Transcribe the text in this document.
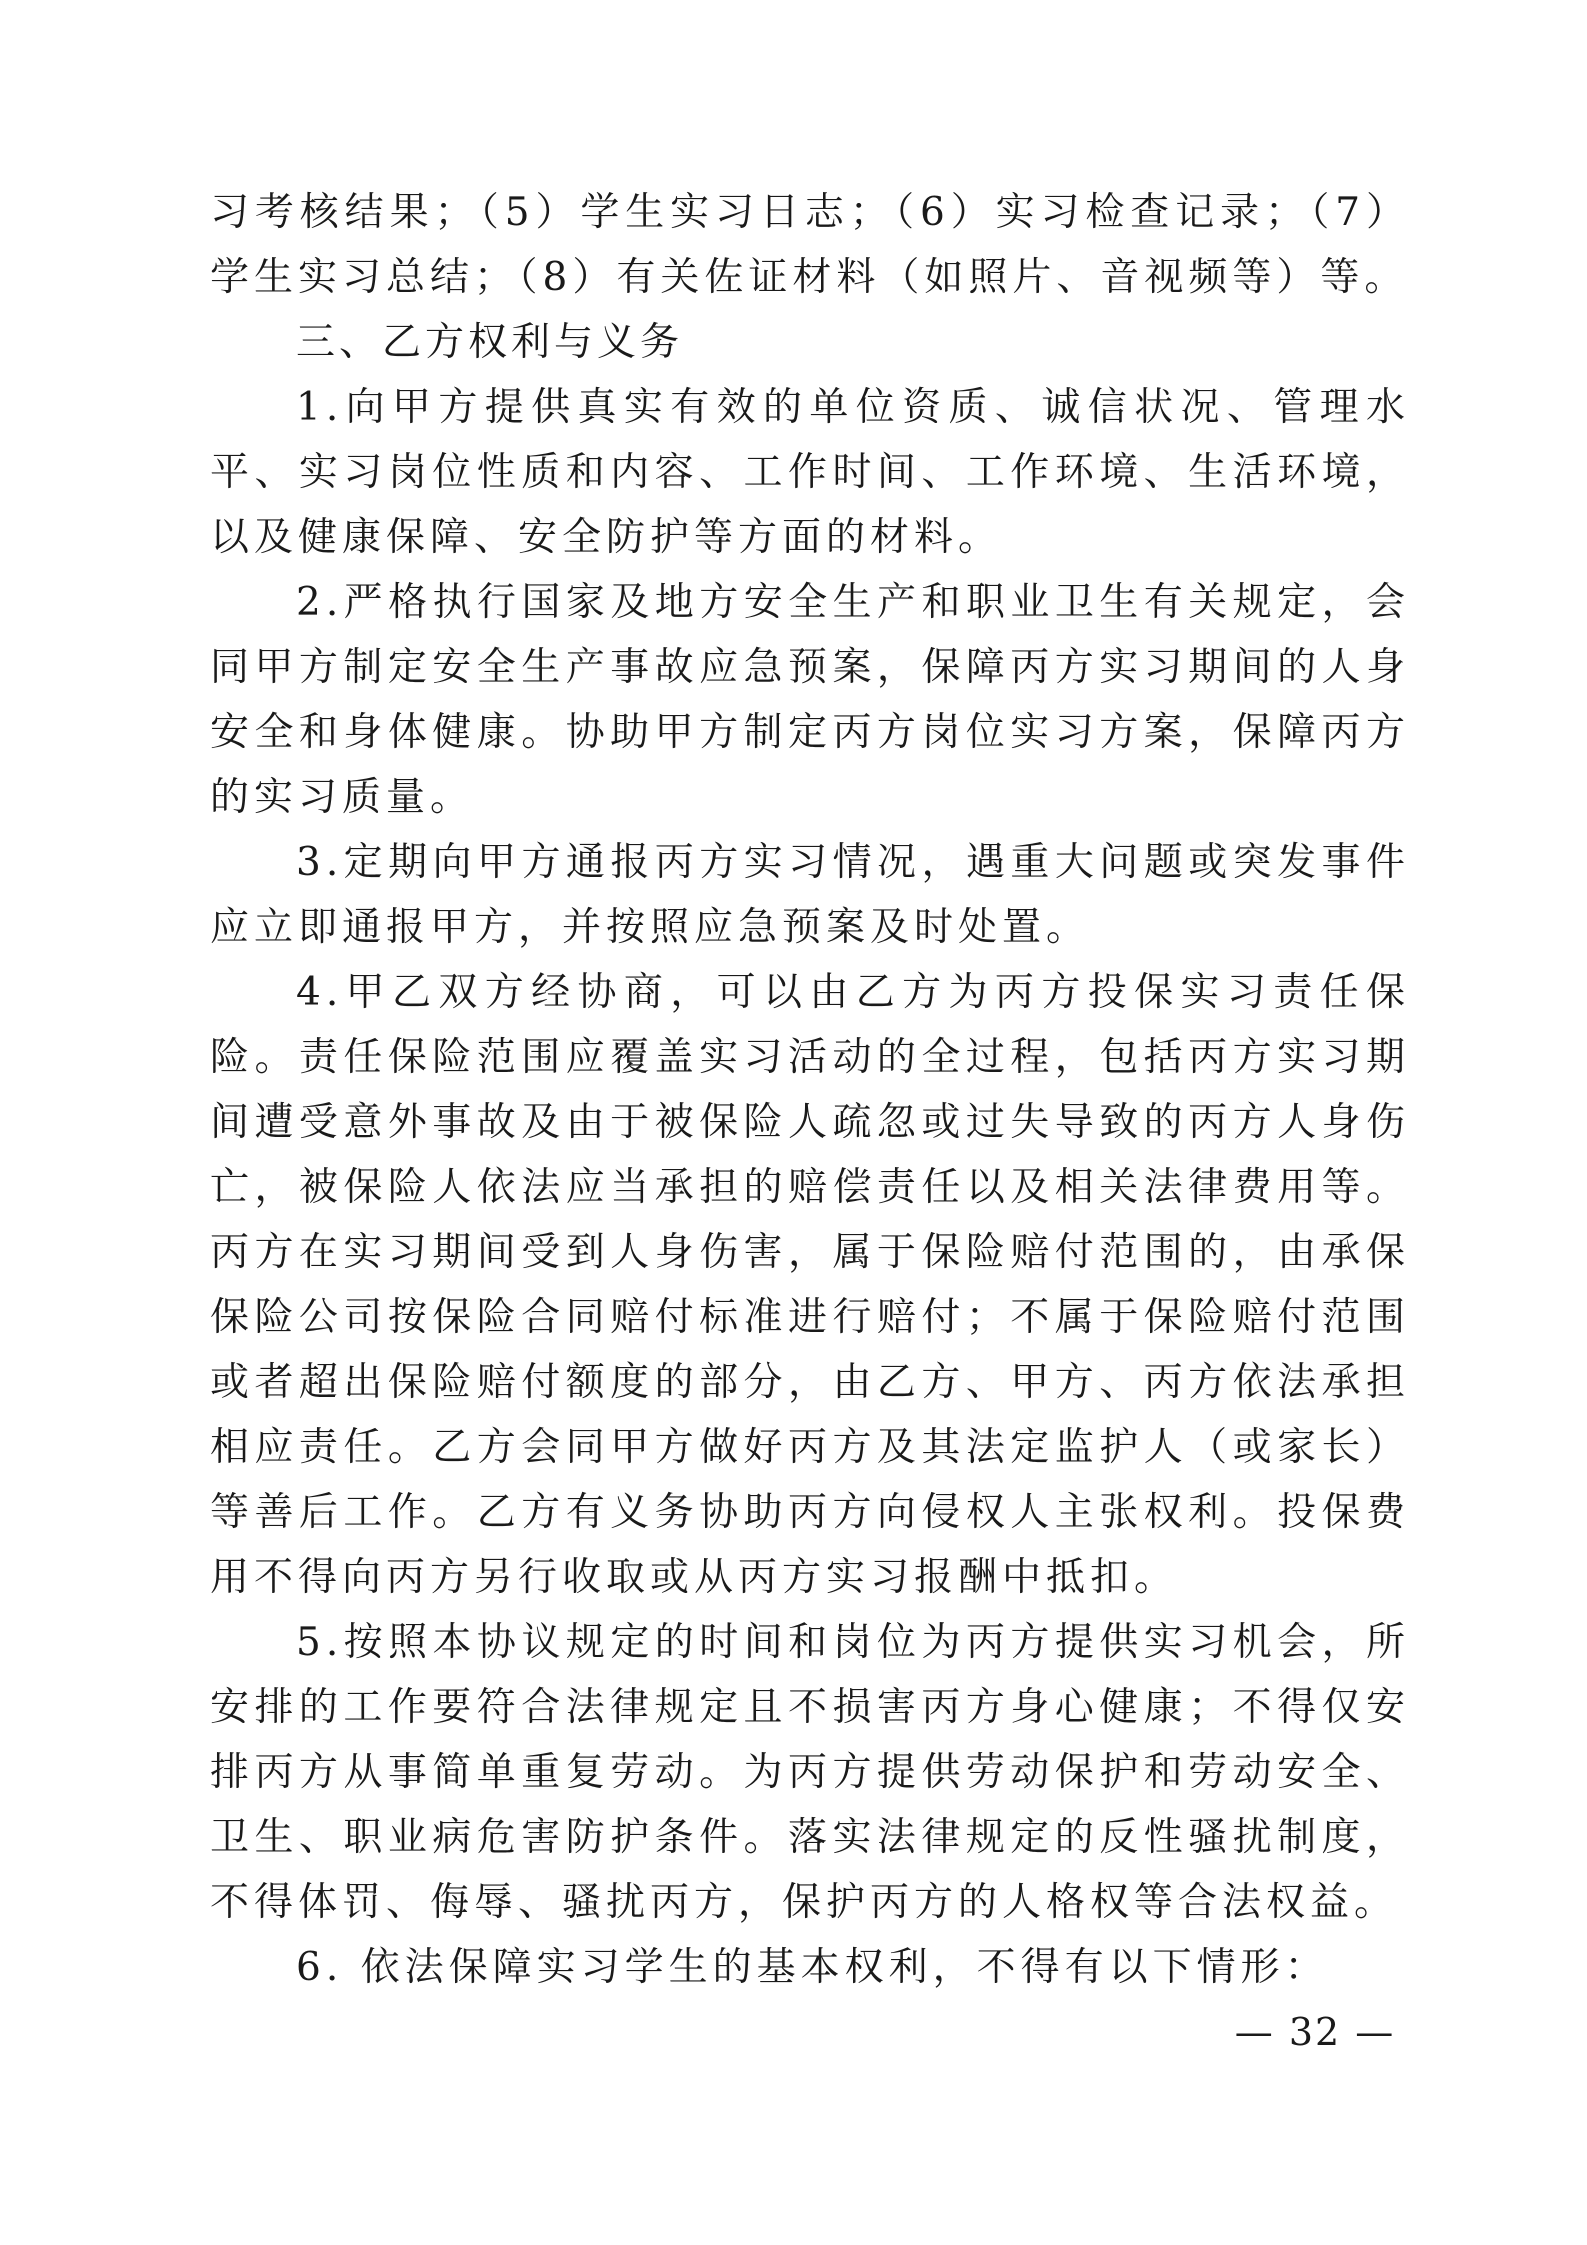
习考核结果；（5）学生实习日志；（6）实习检查记录；（7）学生实习总结；（8）有关佐证材料（如照片、音视频等）等。

三、乙方权利与义务

1.向甲方提供真实有效的单位资质、诚信状况、管理水平、实习岗位性质和内容、工作时间、工作环境、生活环境，以及健康保障、安全防护等方面的材料。

2.严格执行国家及地方安全生产和职业卫生有关规定，会同甲方制定安全生产事故应急预案，保障丙方实习期间的人身安全和身体健康。协助甲方制定丙方岗位实习方案，保障丙方的实习质量。

3.定期向甲方通报丙方实习情况，遇重大问题或突发事件应立即通报甲方，并按照应急预案及时处置。

4.甲乙双方经协商，可以由乙方为丙方投保实习责任保险。责任保险范围应覆盖实习活动的全过程，包括丙方实习期间遭受意外事故及由于被保险人疏忽或过失导致的丙方人身伤亡，被保险人依法应当承担的赔偿责任以及相关法律费用等。丙方在实习期间受到人身伤害，属于保险赔付范围的，由承保保险公司按保险合同赔付标准进行赔付；不属于保险赔付范围或者超出保险赔付额度的部分，由乙方、甲方、丙方依法承担相应责任。乙方会同甲方做好丙方及其法定监护人（或家长）等善后工作。乙方有义务协助丙方向侵权人主张权利。投保费用不得向丙方另行收取或从丙方实习报酬中抵扣。

5.按照本协议规定的时间和岗位为丙方提供实习机会，所安排的工作要符合法律规定且不损害丙方身心健康；不得仅安排丙方从事简单重复劳动。为丙方提供劳动保护和劳动安全、卫生、职业病危害防护条件。落实法律规定的反性骚扰制度，不得体罚、侮辱、骚扰丙方，保护丙方的人格权等合法权益。

6. 依法保障实习学生的基本权利，不得有以下情形：

— 32 —
